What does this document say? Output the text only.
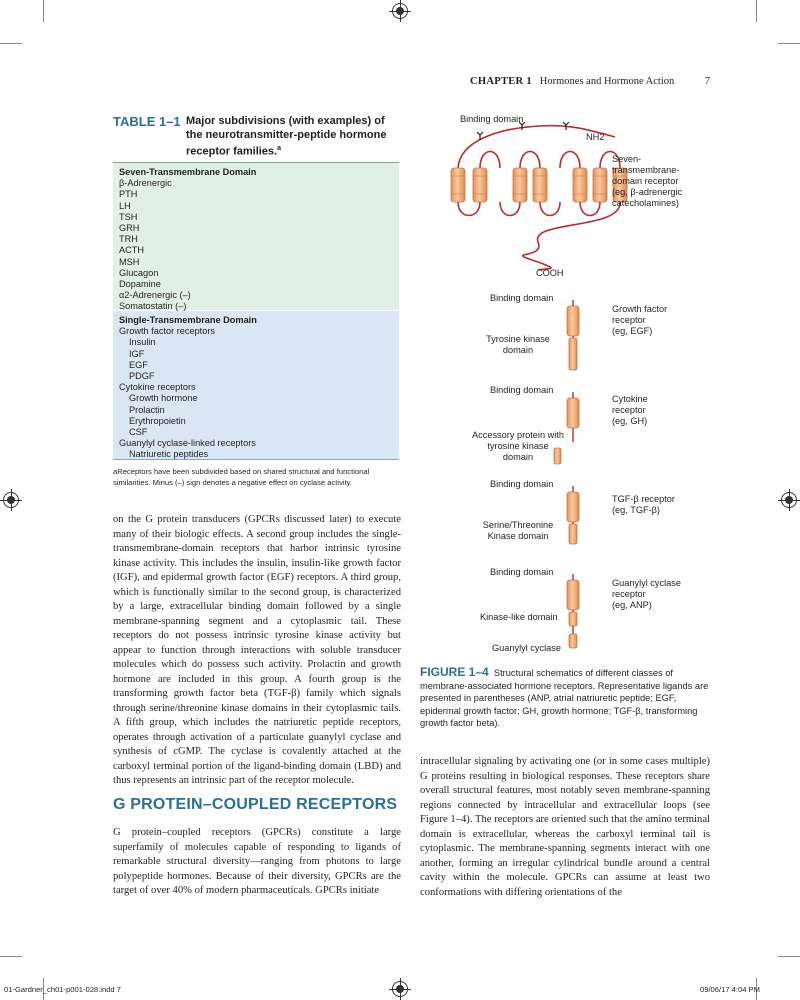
CHAPTER 1 Hormones and Hormone Action	7
TABLE 1–1 Major subdivisions (with examples) of the neurotransmitter-peptide hormone receptor families.$^a$
Seven-Transmembrane Domain
β-Adrenergic
PTH
LH
TSH
GRH
TRH
ACTH
MSH
Glucagon
Dopamine
α2-Adrenergic (–)
Somatostatin (–)
Single-Transmembrane Domain
Growth factor receptors
Insulin
IGF
EGF
PDGF
Cytokine receptors
Growth hormone
Prolactin
Erythropoietin
CSF
Guanylyl cyclase-linked receptors
Natriuretic peptides
aReceptors have been subdivided based on shared structural and functional similarities. Minus (–) sign denotes a negative effect on cyclase activity.
on the G protein transducers (GPCRs discussed later) to execute many of their biologic effects. A second group includes the single-transmembrane-domain receptors that harbor intrinsic tyrosine kinase activity. This includes the insulin, insulin-like growth factor (IGF), and epidermal growth factor (EGF) receptors. A third group, which is functionally similar to the second group, is characterized by a large, extracellular binding domain followed by a single membrane-spanning segment and a cytoplasmic tail. These receptors do not possess intrinsic tyrosine kinase activity but appear to function through interactions with soluble transducer molecules which do possess such activity. Prolactin and growth hormone are included in this group. A fourth group is the transforming growth factor beta (TGF-β) family which signals through serine/threonine kinase domains in their cytoplasmic tails. A fifth group, which includes the natriuretic peptide receptors, operates through activation of a particulate guanylyl cyclase and synthesis of cGMP. The cyclase is covalently attached at the carboxyl terminal portion of the ligand-binding domain (LBD) and thus represents an intrinsic part of the receptor molecule.
G PROTEIN–COUPLED RECEPTORS
G protein–coupled receptors (GPCRs) constitute a large superfamily of molecules capable of responding to ligands of remarkable structural diversity—ranging from photons to large polypeptide hormones. Because of their diversity, GPCRs are the target of over 40% of modern pharmaceuticals. GPCRs initiate
intracellular signaling by activating one (or in some cases multiple) G proteins resulting in biological responses. These receptors share overall structural features, most notably seven membrane-spanning regions connected by intracellular and extracellular loops (see Figure 1–4). The receptors are oriented such that the amino terminal domain is extracellular, whereas the carboxyl terminal tail is cytoplasmic. The membrane-spanning segments interact with one another, forming an irregular cylindrical bundle around a central cavity within the molecule. GPCRs can assume at least two conformations with differing orientations of the
Binding domain
NH2
COOH
Seven-transmembrane-domain receptor (eg, β-adrenergic catecholamines)
Binding domain
Growth factor receptor (eg, EGF)
Tyrosine kinase domain
Binding domain
Cytokine receptor (eg, GH)
Accessory protein with tyrosine kinase domain
Binding domain
TGF-β receptor (eg, TGF-β)
Serine/Threonine Kinase domain
Binding domain
Guanylyl cyclase receptor (eg, ANP)
Kinase-like domain
Guanylyl cyclase
FIGURE 1–4 Structural schematics of different classes of membrane-associated hormone receptors. Representative ligands are presented in parentheses (ANP, atrial natriuretic peptide; EGF, epidermal growth factor; GH, growth hormone; TGF-β, transforming growth factor beta).
01-Gardner_ch01-p001-028.indd 7	09/06/17 4:04 PM
